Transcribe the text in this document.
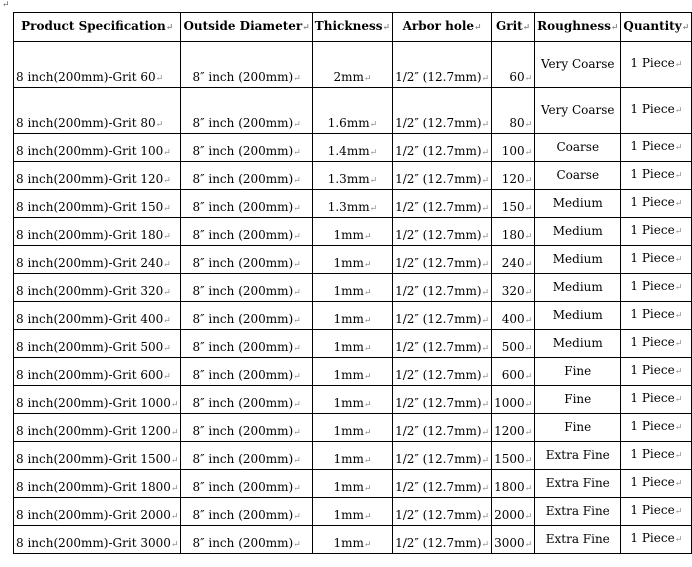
↵
Product Specification↵	Outside Diameter↵	Thickness↵	Arbor hole↵	Grit↵	Roughness↵	Quantity↵
8 inch(200mm)-Grit 60↵	8″ inch (200mm)↵	2mm↵	1/2″ (12.7mm)↵	60↵	Very Coarse	1 Piece↵
8 inch(200mm)-Grit 80↵	8″ inch (200mm)↵	1.6mm↵	1/2″ (12.7mm)↵	80↵	Very Coarse	1 Piece↵
8 inch(200mm)-Grit 100↵	8″ inch (200mm)↵	1.4mm↵	1/2″ (12.7mm)↵	100↵	Coarse	1 Piece↵
8 inch(200mm)-Grit 120↵	8″ inch (200mm)↵	1.3mm↵	1/2″ (12.7mm)↵	120↵	Coarse	1 Piece↵
8 inch(200mm)-Grit 150↵	8″ inch (200mm)↵	1.3mm↵	1/2″ (12.7mm)↵	150↵	Medium	1 Piece↵
8 inch(200mm)-Grit 180↵	8″ inch (200mm)↵	1mm↵	1/2″ (12.7mm)↵	180↵	Medium	1 Piece↵
8 inch(200mm)-Grit 240↵	8″ inch (200mm)↵	1mm↵	1/2″ (12.7mm)↵	240↵	Medium	1 Piece↵
8 inch(200mm)-Grit 320↵	8″ inch (200mm)↵	1mm↵	1/2″ (12.7mm)↵	320↵	Medium	1 Piece↵
8 inch(200mm)-Grit 400↵	8″ inch (200mm)↵	1mm↵	1/2″ (12.7mm)↵	400↵	Medium	1 Piece↵
8 inch(200mm)-Grit 500↵	8″ inch (200mm)↵	1mm↵	1/2″ (12.7mm)↵	500↵	Medium	1 Piece↵
8 inch(200mm)-Grit 600↵	8″ inch (200mm)↵	1mm↵	1/2″ (12.7mm)↵	600↵	Fine	1 Piece↵
8 inch(200mm)-Grit 1000↵	8″ inch (200mm)↵	1mm↵	1/2″ (12.7mm)↵	1000↵	Fine	1 Piece↵
8 inch(200mm)-Grit 1200↵	8″ inch (200mm)↵	1mm↵	1/2″ (12.7mm)↵	1200↵	Fine	1 Piece↵
8 inch(200mm)-Grit 1500↵	8″ inch (200mm)↵	1mm↵	1/2″ (12.7mm)↵	1500↵	Extra Fine	1 Piece↵
8 inch(200mm)-Grit 1800↵	8″ inch (200mm)↵	1mm↵	1/2″ (12.7mm)↵	1800↵	Extra Fine	1 Piece↵
8 inch(200mm)-Grit 2000↵	8″ inch (200mm)↵	1mm↵	1/2″ (12.7mm)↵	2000↵	Extra Fine	1 Piece↵
8 inch(200mm)-Grit 3000↵	8″ inch (200mm)↵	1mm↵	1/2″ (12.7mm)↵	3000↵	Extra Fine	1 Piece↵
